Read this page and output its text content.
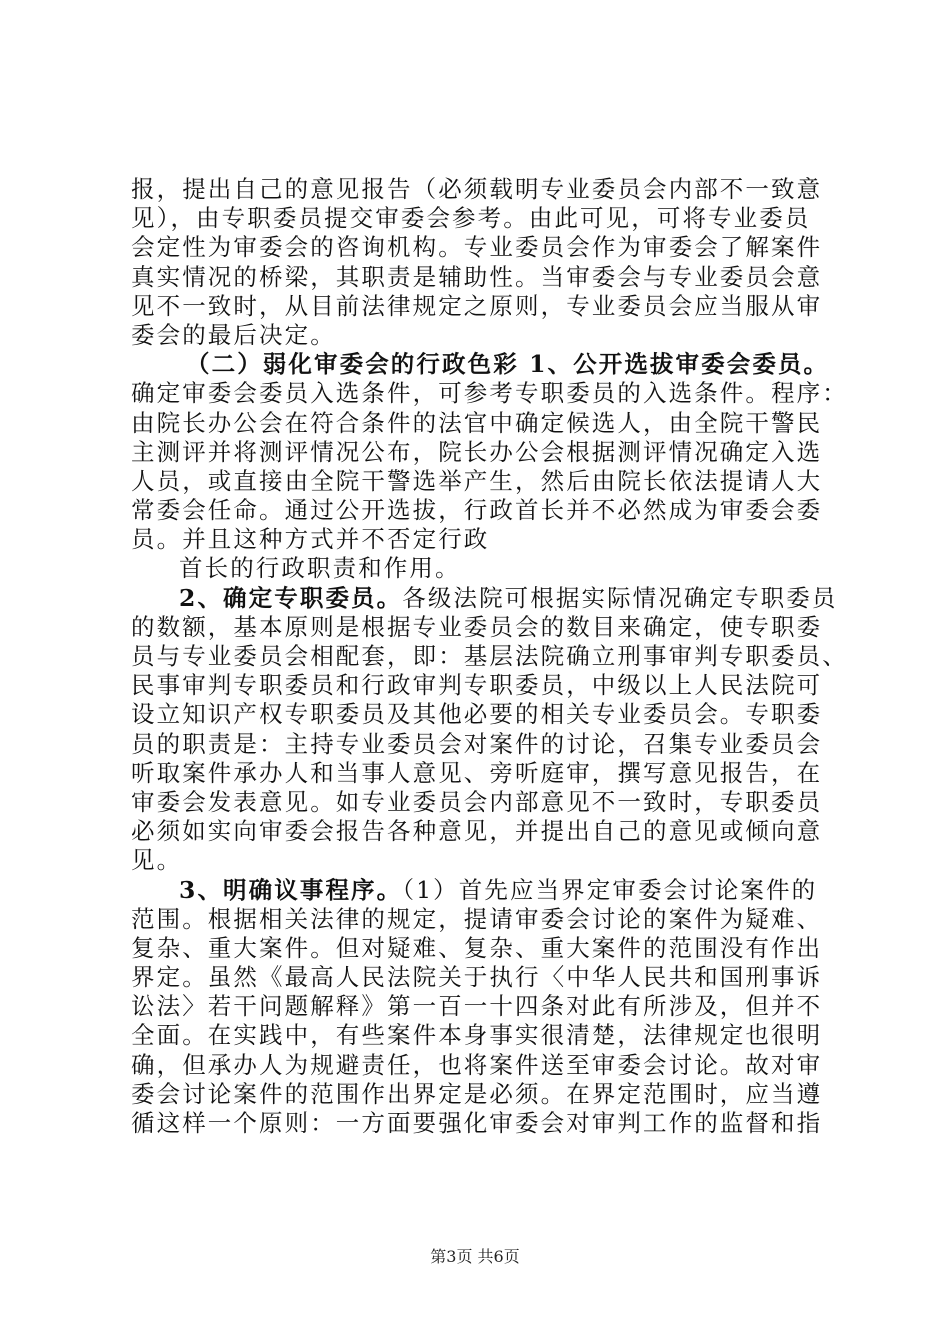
报，提出自己的意见报告（必须载明专业委员会内部不一致意
见），由专职委员提交审委会参考。由此可见，可将专业委员
会定性为审委会的咨询机构。专业委员会作为审委会了解案件
真实情况的桥梁，其职责是辅助性。当审委会与专业委员会意
见不一致时，从目前法律规定之原则，专业委员会应当服从审
委会的最后决定。
（二）弱化审委会的行政色彩 1、公开选拔审委会委员。
确定审委会委员入选条件，可参考专职委员的入选条件。程序：
由院长办公会在符合条件的法官中确定候选人，由全院干警民
主测评并将测评情况公布，院长办公会根据测评情况确定入选
人员，或直接由全院干警选举产生，然后由院长依法提请人大
常委会任命。通过公开选拔，行政首长并不必然成为审委会委
员。并且这种方式并不否定行政
首长的行政职责和作用。
2、确定专职委员。各级法院可根据实际情况确定专职委员
的数额，基本原则是根据专业委员会的数目来确定，使专职委
员与专业委员会相配套，即：基层法院确立刑事审判专职委员、
民事审判专职委员和行政审判专职委员，中级以上人民法院可
设立知识产权专职委员及其他必要的相关专业委员会。专职委
员的职责是：主持专业委员会对案件的讨论，召集专业委员会
听取案件承办人和当事人意见、旁听庭审，撰写意见报告，在
审委会发表意见。如专业委员会内部意见不一致时，专职委员
必须如实向审委会报告各种意见，并提出自己的意见或倾向意
见。
3、明确议事程序。（1）首先应当界定审委会讨论案件的
范围。根据相关法律的规定，提请审委会讨论的案件为疑难、
复杂、重大案件。但对疑难、复杂、重大案件的范围没有作出
界定。虽然《最高人民法院关于执行〈中华人民共和国刑事诉
讼法〉若干问题解释》第一百一十四条对此有所涉及，但并不
全面。在实践中，有些案件本身事实很清楚，法律规定也很明
确，但承办人为规避责任，也将案件送至审委会讨论。故对审
委会讨论案件的范围作出界定是必须。在界定范围时，应当遵
循这样一个原则：一方面要强化审委会对审判工作的监督和指
第3页 共6页
